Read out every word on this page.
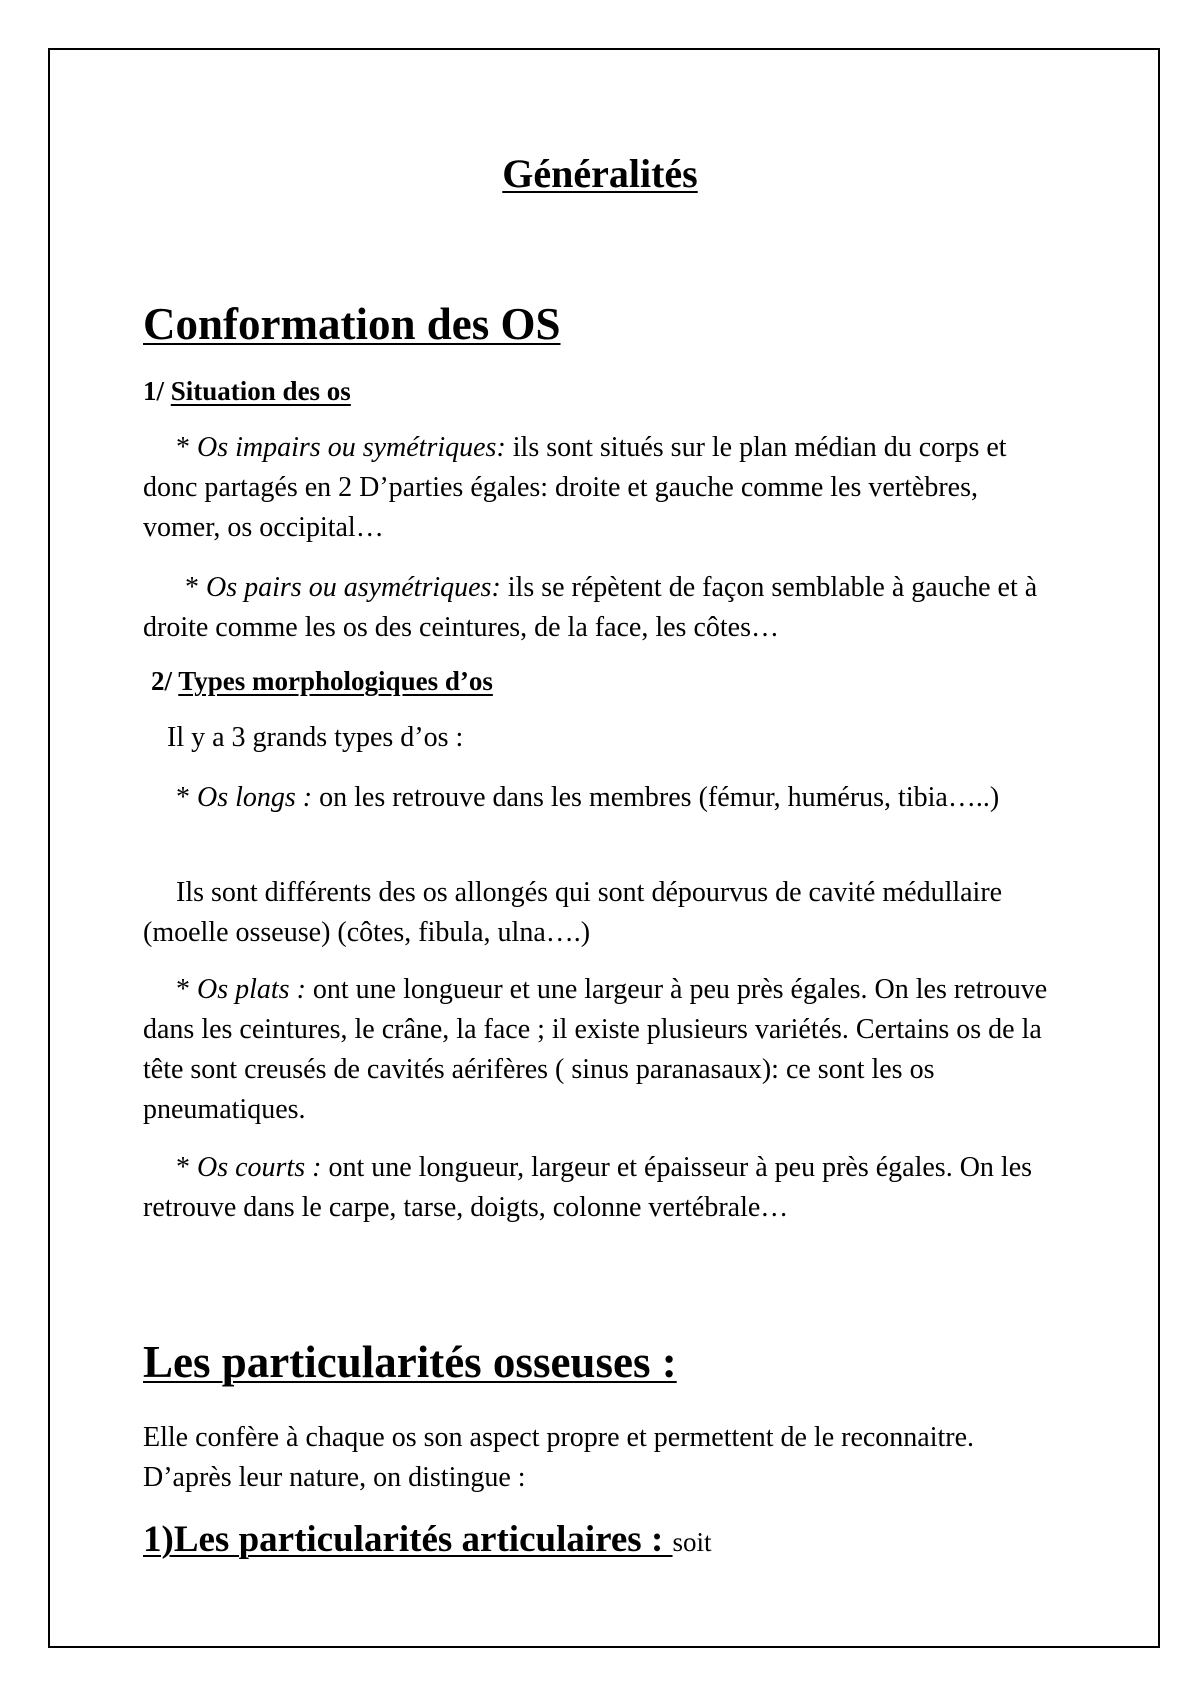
Généralités
Conformation des OS
1/ Situation des os

* Os impairs ou symétriques: ils sont situés sur le plan médian du corps et donc partagés en 2 D’parties égales: droite et gauche comme les vertèbres, vomer, os occipital…

* Os pairs ou asymétriques: ils se répètent de façon semblable à gauche et à droite comme les os des ceintures, de la face, les côtes…

2/ Types morphologiques d’os
Il y a 3 grands types d’os :

* Os longs : on les retrouve dans les membres (fémur, humérus, tibia…..)

Ils sont différents des os allongés qui sont dépourvus de cavité médullaire (moelle osseuse) (côtes, fibula, ulna….)

* Os plats : ont une longueur et une largeur à peu près égales. On les retrouve dans les ceintures, le crâne, la face ; il existe plusieurs variétés. Certains os de la tête sont creusés de cavités aérifères ( sinus paranasaux): ce sont les os pneumatiques.

* Os courts : ont une longueur, largeur et épaisseur à peu près égales. On les retrouve dans le carpe, tarse, doigts, colonne vertébrale…

Les particularités osseuses :

Elle confère à chaque os son aspect propre et permettent de le reconnaitre. D’après leur nature, on distingue :

1)Les particularités articulaires : soit
